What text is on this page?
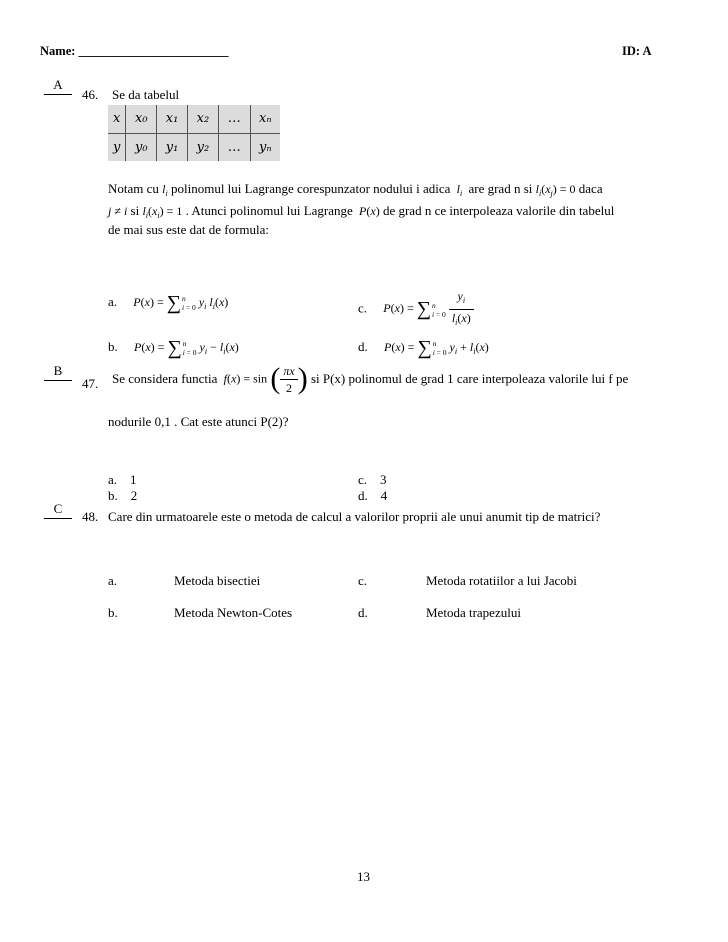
Name: ________________________	ID: A
A
46. Se da tabelul
x	x₀	x₁	x₂	…	xₙ
y	y₀	y₁	y₂	…	yₙ
Notam cu $l_i$ polinomul lui Lagrange corespunzator nodului i adica  $l_i$ are grad n si $l_i(x_j) = 0$ daca
j ≠ i si $l_i(x_i) = 1$ . Atunci polinomul lui Lagrange  P(x) de grad n ce interpoleaza valorile din tabelul
de mai sus este dat de formula:
a. P(x) = ∑n
i = 0 $y_i$ $l_i(x)$	c. P(x) = ∑n
$i = 0 \frac{y_i}{l_i(x)}$
b. P(x) = ∑n
i = 0 $y_i - l_i(x)$	d. P(x) = ∑n
i = 0 $y_i + l_i(x)$
B
47. Se considera functia  f(x) = sin ( $\frac{\pi x}{2}$ ) si P(x) polinomul de grad 1 care interpoleaza valorile lui f pe
nodurile 0,1 . Cat este atunci P(2)?
a. 1	c. 3
b. 2	d. 4
C
48. Care din urmatoarele este o metoda de calcul a valorilor proprii ale unui anumit tip de matrici?
a.	Metoda bisectiei	c.	Metoda rotatiilor a lui Jacobi
b.	Metoda Newton-Cotes	d.	Metoda trapezului
13
